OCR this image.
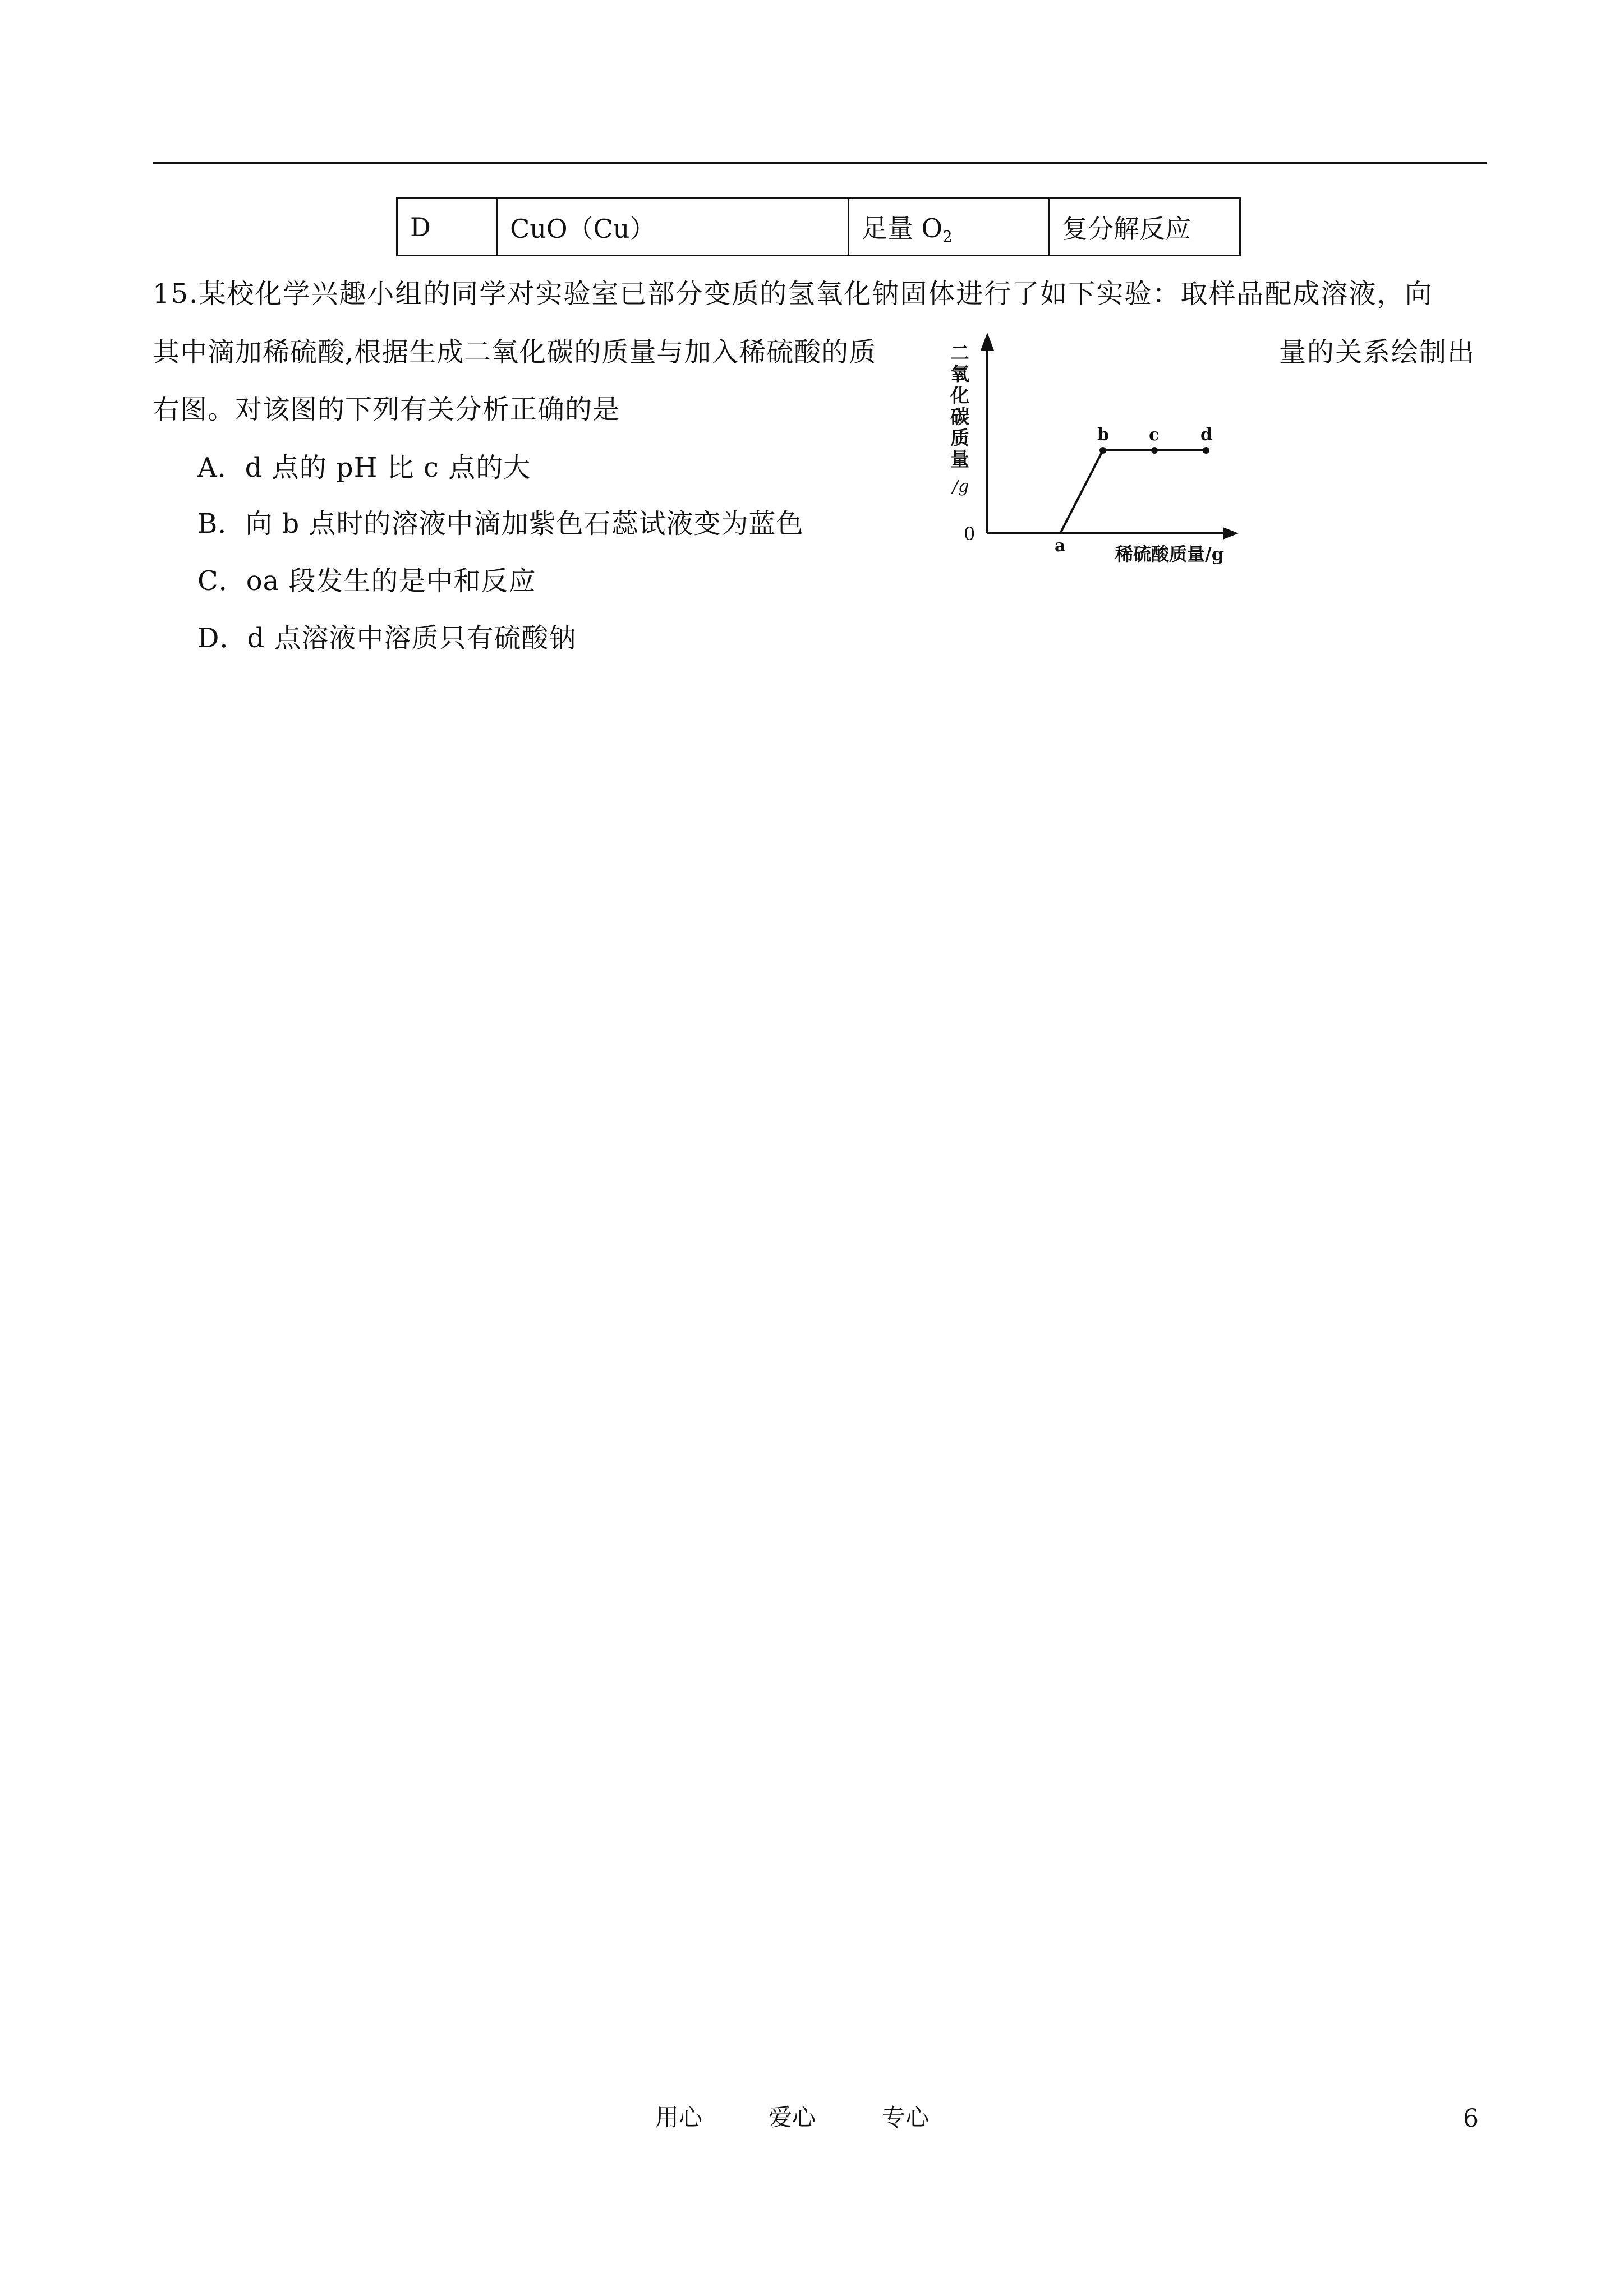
D	CuO（Cu）	足量 $O_2$	复分解反应
15.某校化学兴趣小组的同学对实验室已部分变质的氢氧化钠固体进行了如下实验：取样品配成溶液，向
其中滴加稀硫酸,根据生成二氧化碳的质量与加入稀硫酸的质	量的关系绘制出
右图。对该图的下列有关分析正确的是
A．d 点的 pH 比 c 点的大
B．向 b 点时的溶液中滴加紫色石蕊试液变为蓝色
C．oa 段发生的是中和反应
D．d 点溶液中溶质只有硫酸钠
二
氧
化
碳
质
量
/g
0
稀硫酸质量/g
a
b c d
用心	爱心	专心	6
